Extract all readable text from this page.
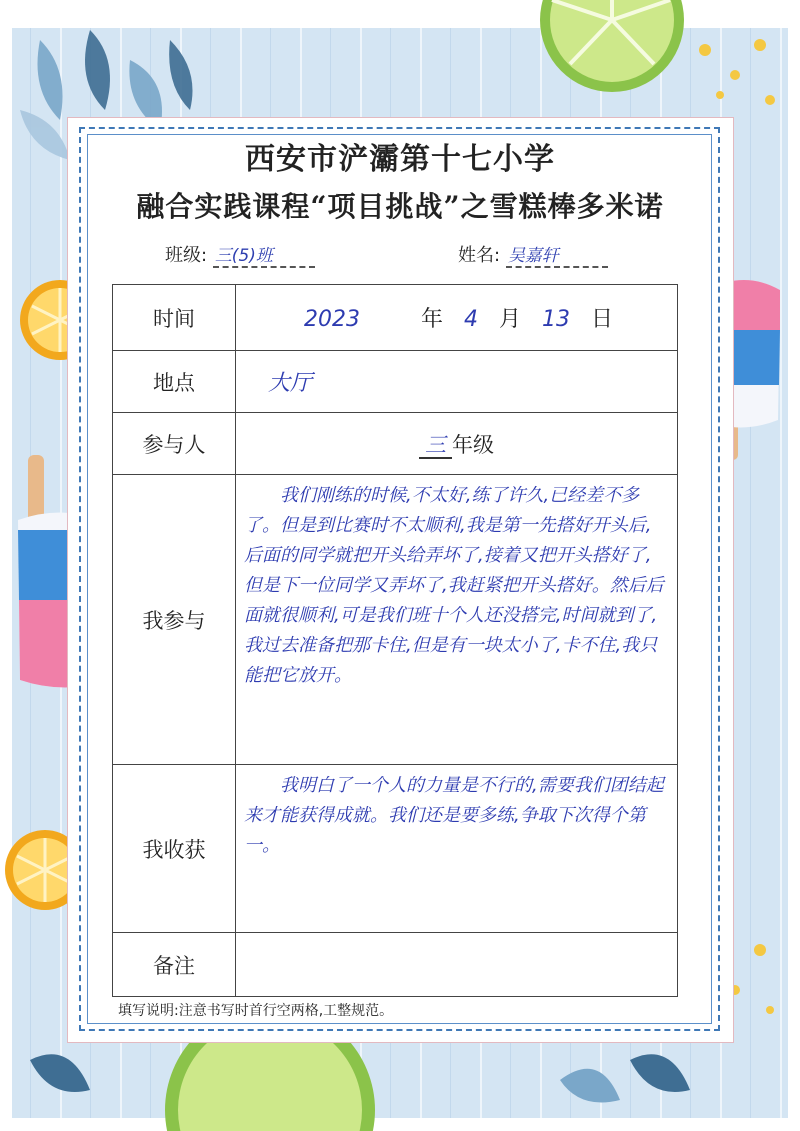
西安市浐灞第十七小学
融合实践课程“项目挑战”之雪糕棒多米诺
班级: 三(5)班	姓名: 吴嘉轩
时间	2023 年 4 月 13 日
地点	大厅
参与人	三 年级
我参与	我们刚练的时候,不太好,练了许久,已经差不多了。但是到比赛时不太顺利,我是第一先搭好开头后,后面的同学就把开头给弄坏了,接着又把开头搭好了,但是下一位同学又弄坏了,我赶紧把开头搭好。然后后面就很顺利,可是我们班十个人还没搭完,时间就到了,我过去准备把那卡住,但是有一块太小了,卡不住,我只能把它放开。

我收获	我明白了一个人的力量是不行的,需要我们团结起来才能获得成就。我们还是要多练,争取下次得个第一。

备注	
填写说明:注意书写时首行空两格,工整规范。
